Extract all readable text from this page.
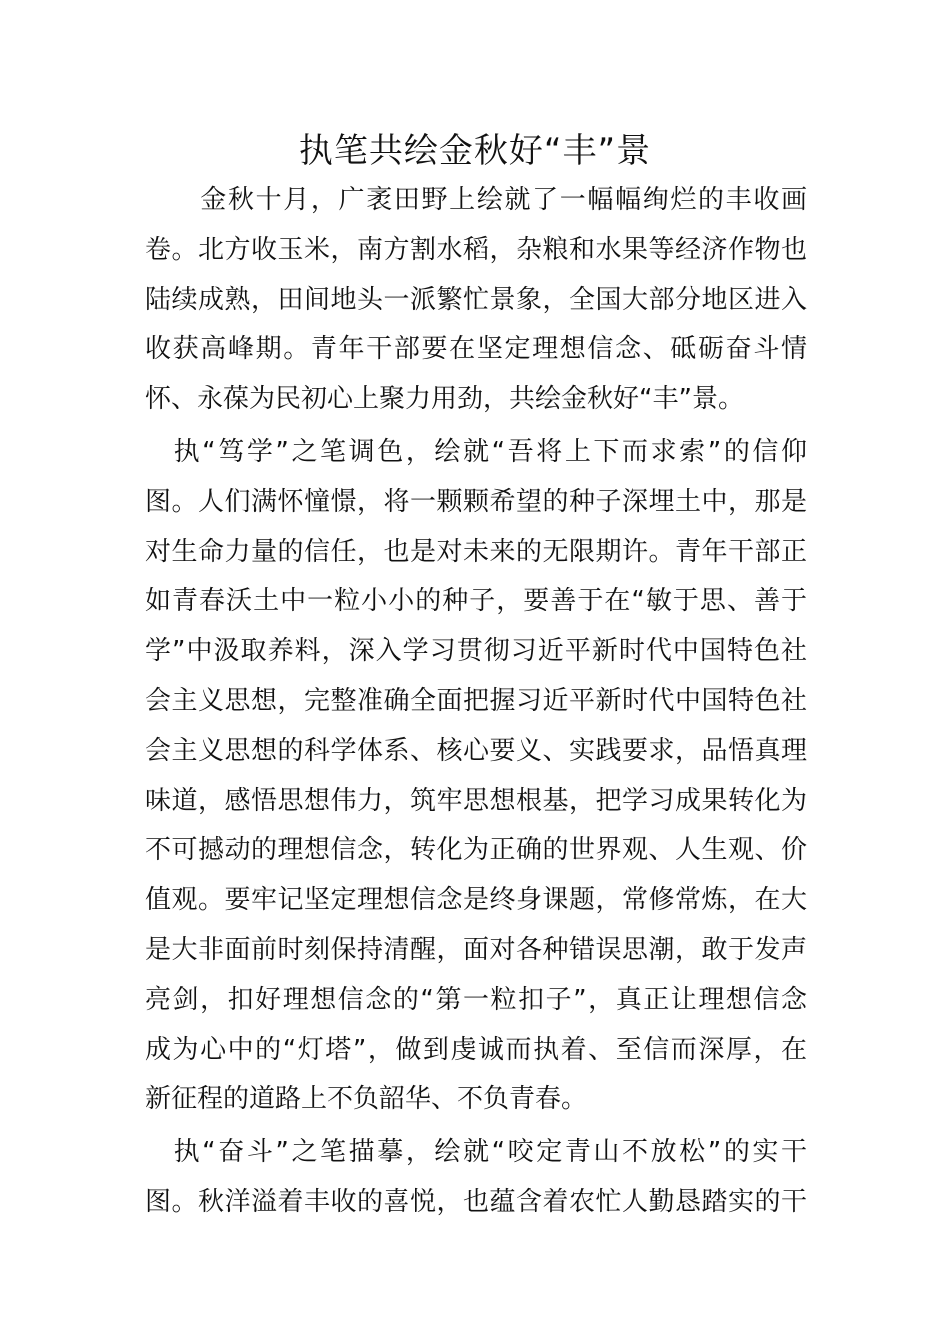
执笔共绘金秋好“丰”景
　　金秋十月，广袤田野上绘就了一幅幅绚烂的丰收画
卷。北方收玉米，南方割水稻，杂粮和水果等经济作物也
陆续成熟，田间地头一派繁忙景象，全国大部分地区进入
收获高峰期。青年干部要在坚定理想信念、砥砺奋斗情
怀、永葆为民初心上聚力用劲，共绘金秋好“丰”景。
　执“笃学”之笔调色，绘就“吾将上下而求索”的信仰
图。人们满怀憧憬，将一颗颗希望的种子深埋土中，那是
对生命力量的信任，也是对未来的无限期许。青年干部正
如青春沃土中一粒小小的种子，要善于在“敏于思、善于
学”中汲取养料，深入学习贯彻习近平新时代中国特色社
会主义思想，完整准确全面把握习近平新时代中国特色社
会主义思想的科学体系、核心要义、实践要求，品悟真理
味道，感悟思想伟力，筑牢思想根基，把学习成果转化为
不可撼动的理想信念，转化为正确的世界观、人生观、价
值观。要牢记坚定理想信念是终身课题，常修常炼，在大
是大非面前时刻保持清醒，面对各种错误思潮，敢于发声
亮剑，扣好理想信念的“第一粒扣子”，真正让理想信念
成为心中的“灯塔”，做到虔诚而执着、至信而深厚，在
新征程的道路上不负韶华、不负青春。
　执“奋斗”之笔描摹，绘就“咬定青山不放松”的实干
图。秋洋溢着丰收的喜悦，也蕴含着农忙人勤恳踏实的干
